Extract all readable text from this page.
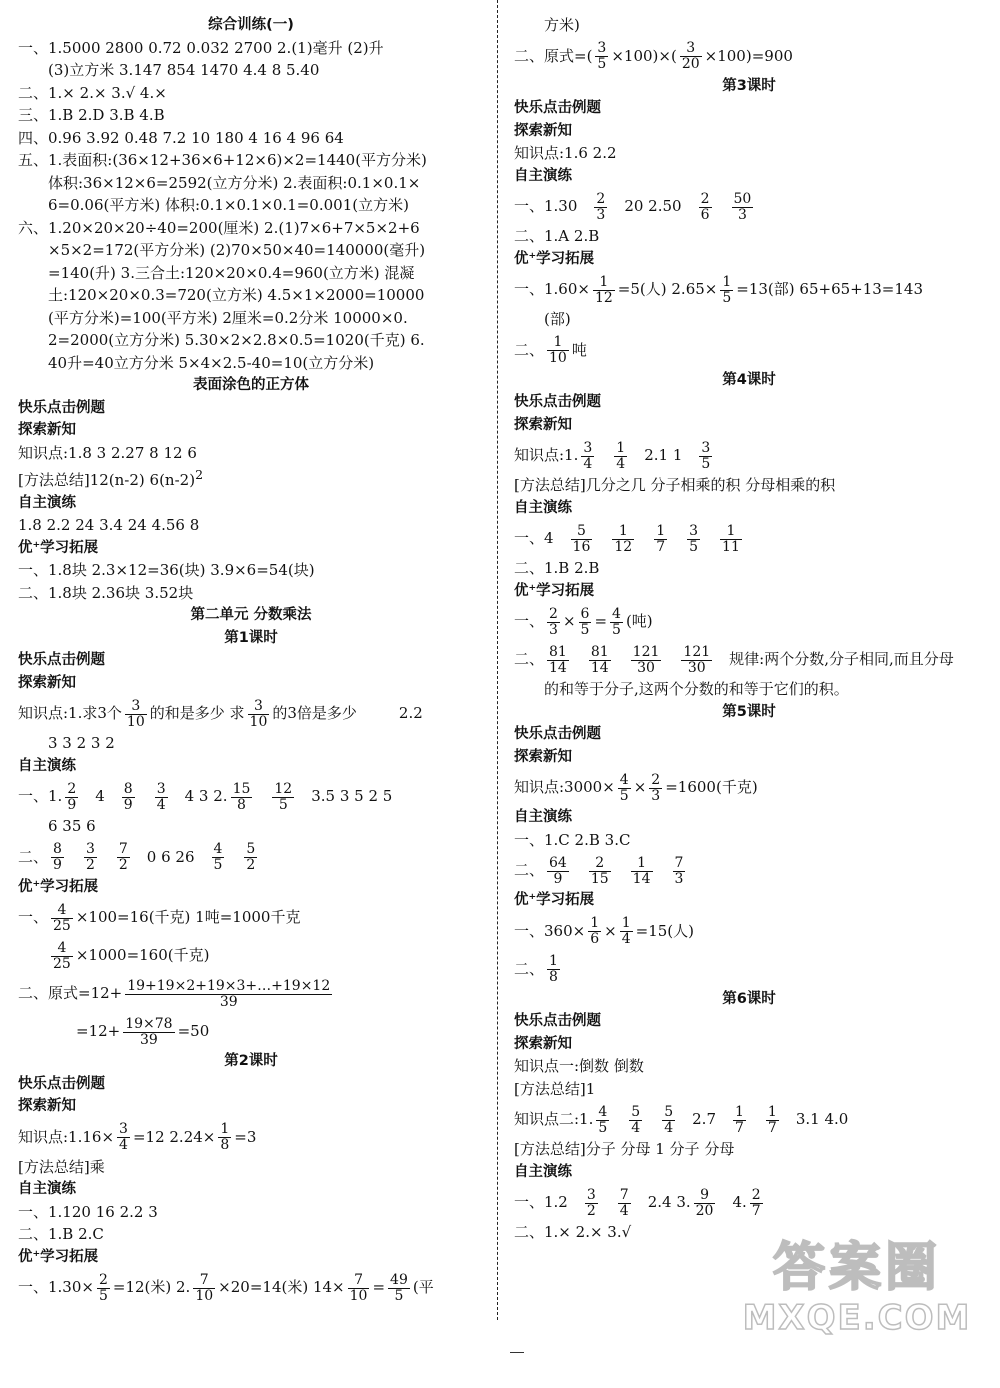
综合训练(一)
一、1.5000 2800 0.72 0.032 2700 2.(1)毫升 (2)升
(3)立方米 3.147 854 1470 4.4 8 5.40
二、1.× 2.× 3.√ 4.×
三、1.B 2.D 3.B 4.B
四、0.96 3.92 0.48 7.2 10 180 4 16 4 96 64
五、1.表面积:(36×12+36×6+12×6)×2=1440(平方分米)
体积:36×12×6=2592(立方分米) 2.表面积:0.1×0.1×
6=0.06(平方米) 体积:0.1×0.1×0.1=0.001(立方米)
六、1.20×20×20÷40=200(厘米) 2.(1)7×6+7×5×2+6
×5×2=172(平方分米) (2)70×50×40=140000(毫升)
=140(升) 3.三合土:120×20×0.4=960(立方米) 混凝
土:120×20×0.3=720(立方米) 4.5×1×2000=10000
(平方分米)=100(平方米) 2厘米=0.2分米 10000×0.
2=2000(立方分米) 5.30×2×2.8×0.5=1020(千克) 6.
40升=40立方分米 5×4×2.5-40=10(立方分米)
表面涂色的正方体
快乐点击例题
探索新知
知识点:1.8 3 2.27 8 12 6
[方法总结]12(n-2) $6(n-2)^2$
自主演练
1.8 2.2 24 3.4 24 4.56 8
优⁺学习拓展
一、1.8块 2.3×12=36(块) 3.9×6=54(块)
二、1.8块 2.36块 3.52块
第二单元 分数乘法
第1课时
快乐点击例题
探索新知
知识点:1.求3个 $\frac{3}{10}$ 的和是多少 求 $\frac{3}{10}$ 的3倍是多少	2.2
3 3 2 3 2
自主演练
一、1. $\frac{2}{9} 4 \frac{8}{9} \frac{3}{4} 4$ 3 2. $\frac{15}{8} \frac{12}{5} 3.5$ 3 5 2 5
6 35 6
二、 $\frac{8}{9} \frac{3}{2} \frac{7}{2} 0$ 6 $26 \frac{4}{5} \frac{5}{2}$
优⁺学习拓展
一、 $\frac{4}{25} \times 100=16$(千克) 1吨=1000千克
$\frac{4}{25} \times 1000=160$(千克)
二、原式$=12+ \frac{19+19\times 2+19\times 3+\dots+19\times 12}{39}$
$=12+ \frac{19\times 78}{39} =50$
第2课时
快乐点击例题
探索新知
知识点:1.16× $\frac{3}{4} =12$ $2.24\times \frac{1}{8} =3$
[方法总结]乘
自主演练
一、1.120 16 2.2 3
二、1.B 2.C
优⁺学习拓展
一、$1.30\times \frac{2}{5} =12$(米) 2. $\frac{7}{10} \times 20=14$(米) $14\times \frac{7}{10} = \frac{49}{5}$ (平
方米)
二、原式=( $\frac{3}{5} \times 100)\times( \frac{3}{20} \times 100)=900$
第3课时
快乐点击例题
探索新知
知识点:1.6 2.2
自主演练
一、$1.30 \frac{2}{3} 20$ $2.50 \frac{2}{6} \frac{50}{3}$
二、1.A 2.B
优⁺学习拓展
一、$1.60\times \frac{1}{12} =5$(人) $2.65\times \frac{1}{5} =13$(部) 65+65+13=143
(部)
二、 $\frac{1}{10}$ 吨
第4课时
快乐点击例题
探索新知
知识点:1. $\frac{3}{4} \frac{1}{4} 2.1$ $1 \frac{3}{5}$
[方法总结]几分之几 分子相乘的积 分母相乘的积
自主演练
一、$4 \frac{5}{16} \frac{1}{12} \frac{1}{7} \frac{3}{5} \frac{1}{11}$
二、1.B 2.B
优⁺学习拓展
一、 $\frac{2}{3} \times \frac{6}{5} = \frac{4}{5}$ (吨)
二、 $\frac{81}{14} \frac{81}{14} \frac{121}{30} \frac{121}{30}$ 规律:两个分数,分子相同,而且分母
的和等于分子,这两个分数的和等于它们的积。
第5课时
快乐点击例题
探索新知
知识点:3000× $\frac{4}{5} \times \frac{2}{3} =1600$(千克)
自主演练
一、1.C 2.B 3.C
二、 $\frac{64}{9} \frac{2}{15} \frac{1}{14} \frac{7}{3}$
优⁺学习拓展
一、$360\times \frac{1}{6} \times \frac{1}{4} =15$(人)
二、 $\frac{1}{8}$
第6课时
快乐点击例题
探索新知
知识点一:倒数 倒数
[方法总结]1
知识点二:1. $\frac{4}{5} \frac{5}{4} \frac{5}{4} 2.7 \frac{1}{7} \frac{1}{7} 3.1$ 4.0
[方法总结]分子 分母 1 分子 分母
自主演练
一、$1.2 \frac{3}{2} \frac{7}{4} 2.4$ 3. $\frac{9}{20} 4$. $\frac{2}{7}$
二、1.× 2.× 3.√
答案圈
MXQE.COM
